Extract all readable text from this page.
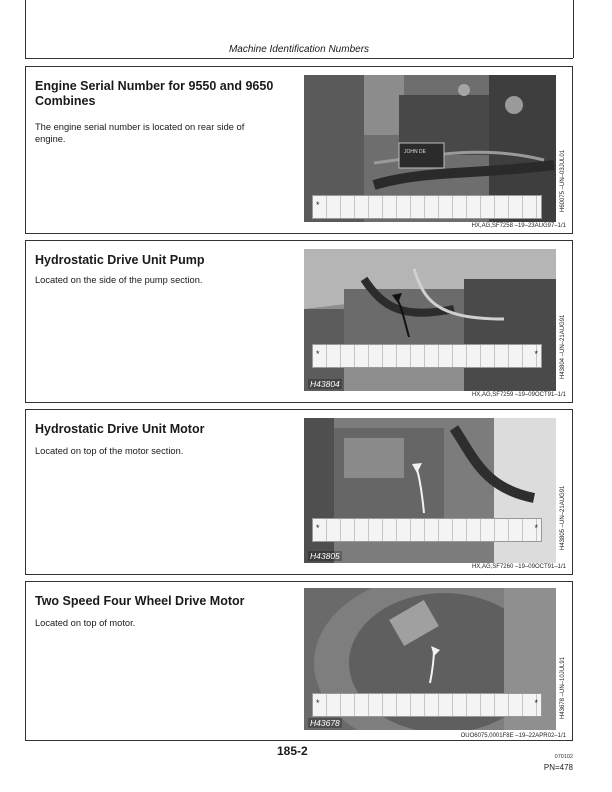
Machine Identification Numbers
Engine Serial Number for 9550 and 9650 Combines

The engine serial number is located on rear side of engine.

JOHN DE
*	H60075 –UN–03JUL01
HX,AG,SF7258 –19–23AUG97–1/1
Hydrostatic Drive Unit Pump

Located on the side of the pump section.

*	*
H43804
H43804 –UN–21AUG91
HX,AG,SF7259 –19–09OCT91–1/1
Hydrostatic Drive Unit Motor

Located on top of the motor section.

*	*
H43805
H43805 –UN–21AUG91
HX,AG,SF7260 –19–09OCT91–1/1
Two Speed Four Wheel Drive Motor

Located on top of motor.

*	*
H43678
H43678 –UN–10JUL91
OUO6075,0001F8E –19–22APR02–1/1
185-2	070102
PN=478
